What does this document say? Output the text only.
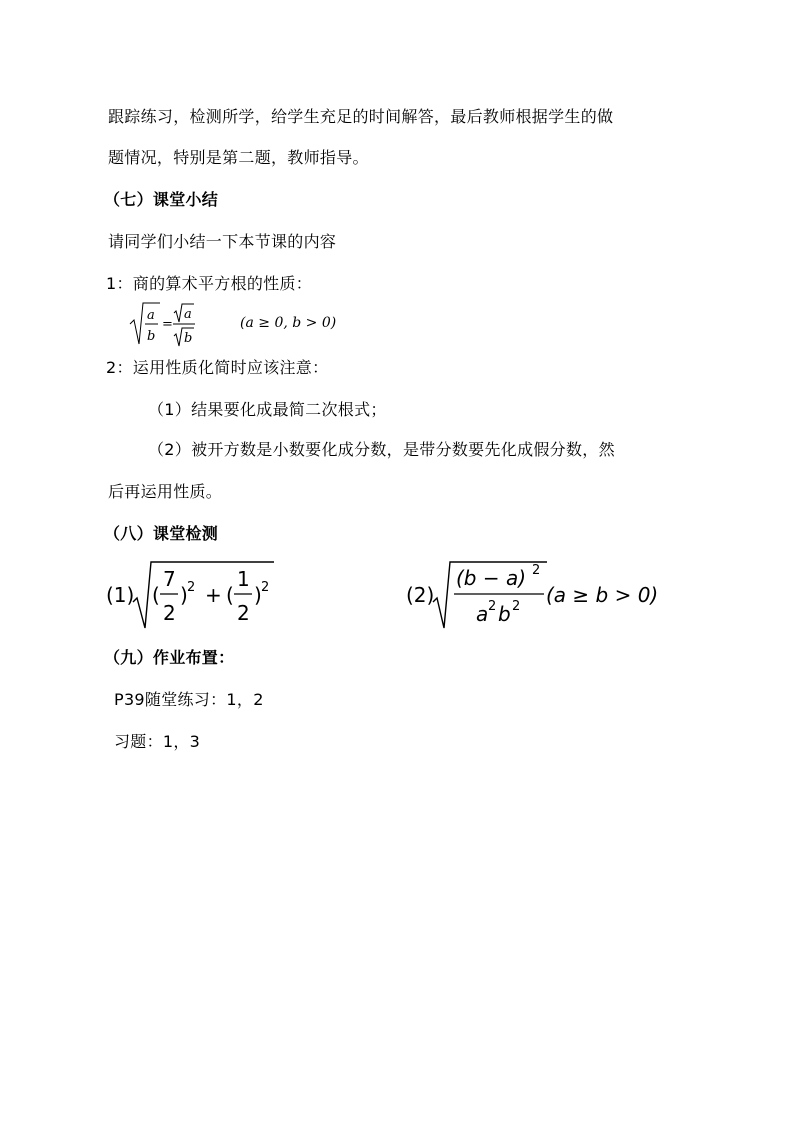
跟踪练习，检测所学，给学生充足的时间解答，最后教师根据学生的做
题情况，特别是第二题，教师指导。
（七）课堂小结
请同学们小结一下本节课的内容
1：商的算术平方根的性质：
a
b
=
a
b
(a ≥ 0, b > 0)
2：运用性质化简时应该注意：
（1）结果要化成最简二次根式；
（2）被开方数是小数要化成分数，是带分数要先化成假分数，然
后再运用性质。
（八）课堂检测
(1) (
7
2
) 2 + (
1
2
) 2	(2)
(b − a) 2
a 2 b 2 (a ≥ b > 0)
（九）作业布置：
P39随堂练习：1，2
习题：1，3
